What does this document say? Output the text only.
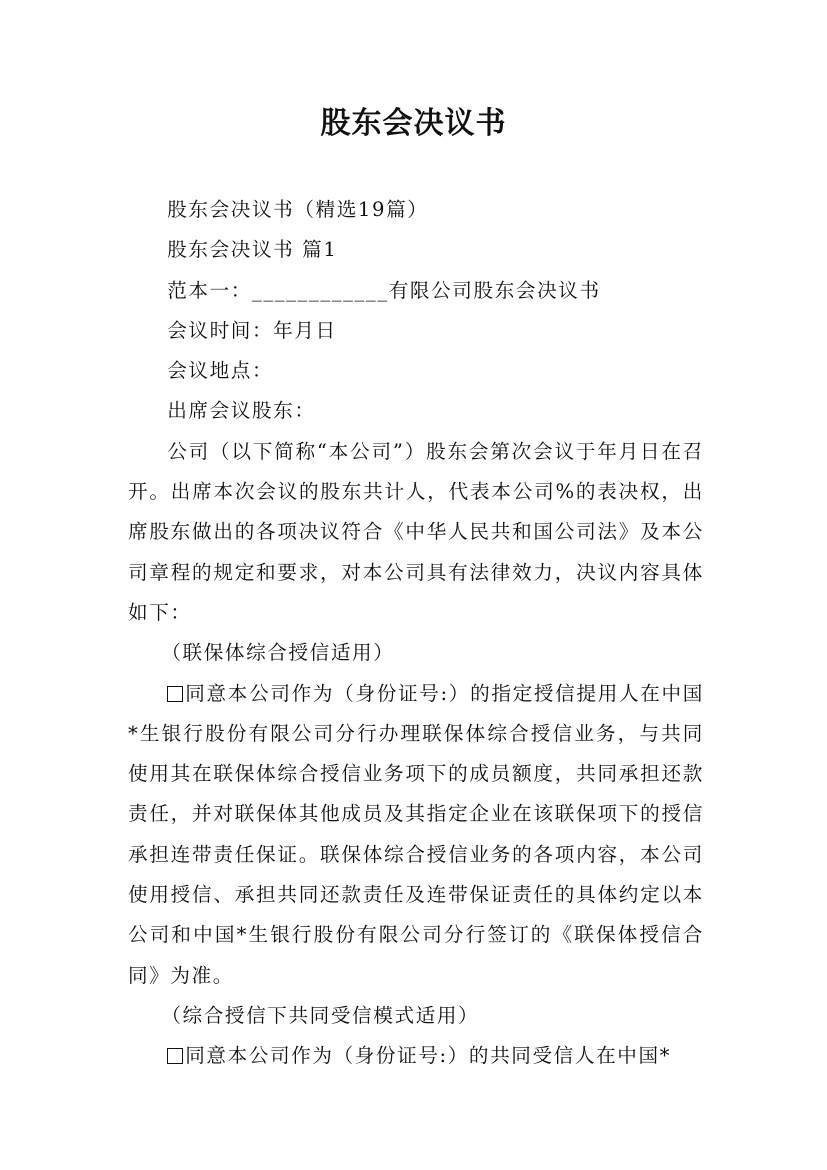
股东会决议书

股东会决议书（精选19篇）

股东会决议书 篇1

范本一：____________有限公司股东会决议书

会议时间：年月日

会议地点：

出席会议股东：

公司（以下简称“本公司”）股东会第次会议于年月日在召开。出席本次会议的股东共计人，代表本公司%的表决权，出席股东做出的各项决议符合《中华人民共和国公司法》及本公司章程的规定和要求，对本公司具有法律效力，决议内容具体如下：

（联保体综合授信适用）

同意本公司作为（身份证号:）的指定授信提用人在中国*生银行股份有限公司分行办理联保体综合授信业务，与共同使用其在联保体综合授信业务项下的成员额度，共同承担还款责任，并对联保体其他成员及其指定企业在该联保项下的授信承担连带责任保证。联保体综合授信业务的各项内容，本公司使用授信、承担共同还款责任及连带保证责任的具体约定以本公司和中国*生银行股份有限公司分行签订的《联保体授信合同》为准。

（综合授信下共同受信模式适用）

同意本公司作为（身份证号:）的共同受信人在中国*
